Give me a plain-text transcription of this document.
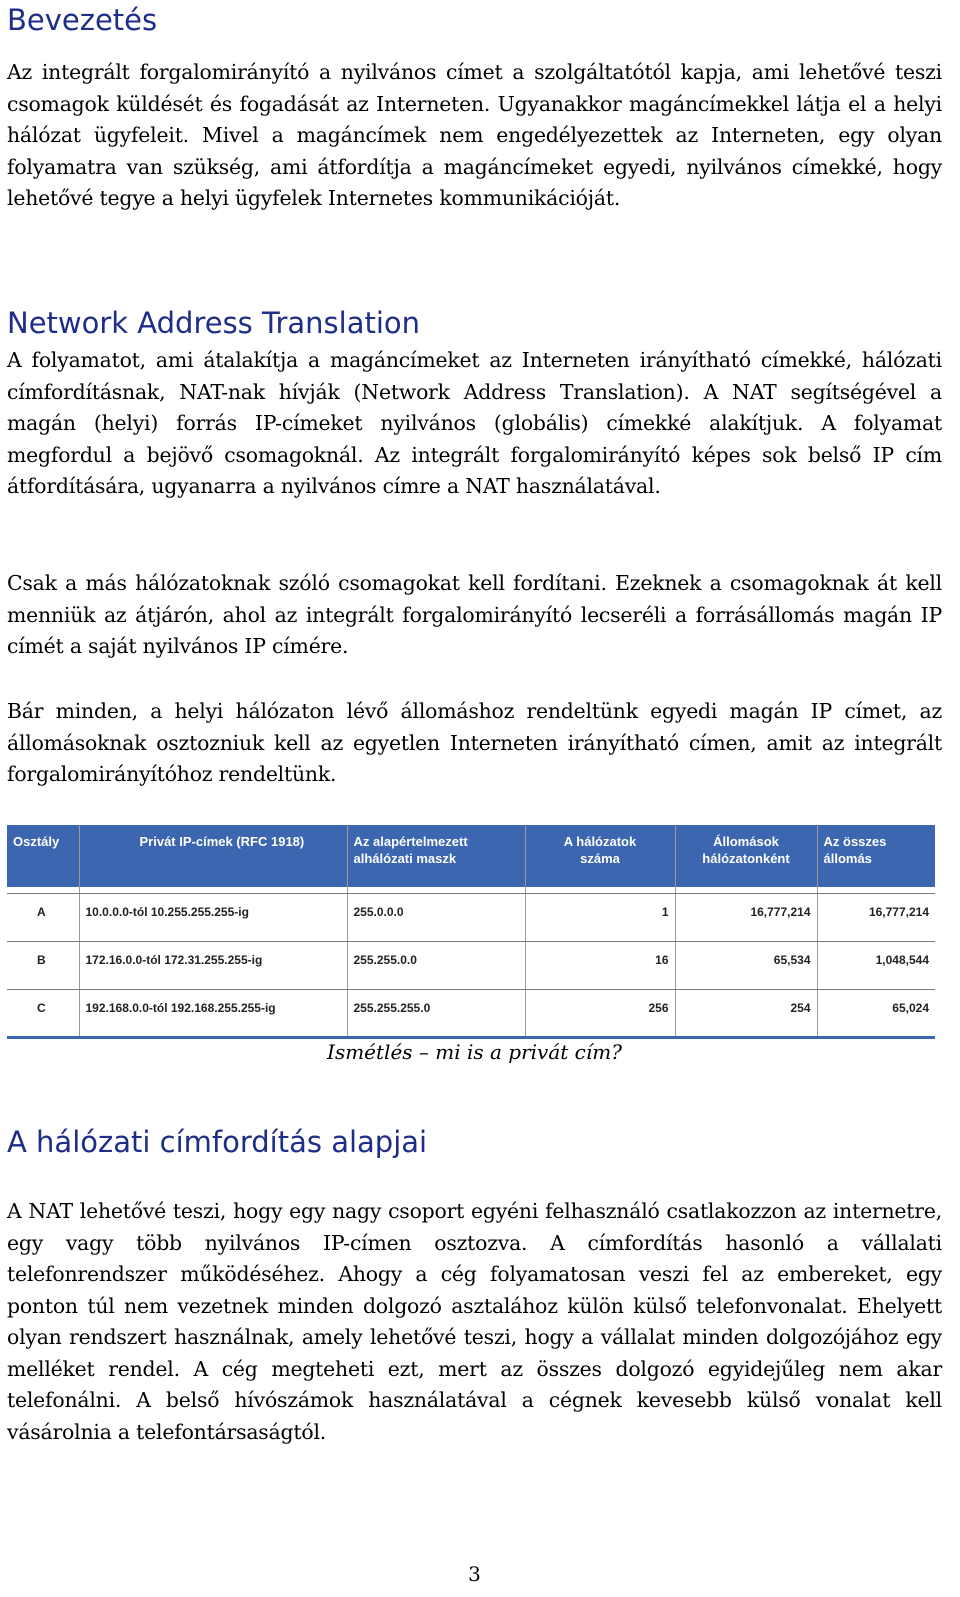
Bevezetés

Az integrált forgalomirányító a nyilvános címet a szolgáltatótól kapja, ami lehetővé teszi csomagok küldését és fogadását az Interneten. Ugyanakkor magáncímekkel látja el a helyi hálózat ügyfeleit. Mivel a magáncímek nem engedélyezettek az Interneten, egy olyan folyamatra van szükség, ami átfordítja a magáncímeket egyedi, nyilvános címekké, hogy lehetővé tegye a helyi ügyfelek Internetes kommunikációját.

Network Address Translation

A folyamatot, ami átalakítja a magáncímeket az Interneten irányítható címekké, hálózati címfordításnak, NAT-nak hívják (Network Address Translation). A NAT segítségével a magán (helyi) forrás IP-címeket nyilvános (globális) címekké alakítjuk. A folyamat megfordul a bejövő csomagoknál. Az integrált forgalomirányító képes sok belső IP cím átfordítására, ugyanarra a nyilvános címre a NAT használatával.

Csak a más hálózatoknak szóló csomagokat kell fordítani. Ezeknek a csomagoknak át kell menniük az átjárón, ahol az integrált forgalomirányító lecseréli a forrásállomás magán IP címét a saját nyilvános IP címére.

Bár minden, a helyi hálózaton lévő állomáshoz rendeltünk egyedi magán IP címet, az állomásoknak osztozniuk kell az egyetlen Interneten irányítható címen, amit az integrált forgalomirányítóhoz rendeltünk.

Osztály	Privát IP-címek (RFC 1918)	Az alapértelmezett alhálózati maszk	A hálózatok száma	Állomások hálózatonként	Az összes állomás

A	10.0.0.0-tól 10.255.255.255-ig	255.0.0.0	1	16,777,214	16,777,214
B	172.16.0.0-tól 172.31.255.255-ig	255.255.0.0	16	65,534	1,048,544
C	192.168.0.0-tól 192.168.255.255-ig	255.255.255.0	256	254	65,024
Ismétlés – mi is a privát cím?
A hálózati címfordítás alapjai

A NAT lehetővé teszi, hogy egy nagy csoport egyéni felhasználó csatlakozzon az internetre, egy vagy több nyilvános IP-címen osztozva. A címfordítás hasonló a vállalati telefonrendszer működéséhez. Ahogy a cég folyamatosan veszi fel az embereket, egy ponton túl nem vezetnek minden dolgozó asztalához külön külső telefonvonalat. Ehelyett olyan rendszert használnak, amely lehetővé teszi, hogy a vállalat minden dolgozójához egy melléket rendel. A cég megteheti ezt, mert az összes dolgozó egyidejűleg nem akar telefonálni. A belső hívószámok használatával a cégnek kevesebb külső vonalat kell vásárolnia a telefontársaságtól.

3
